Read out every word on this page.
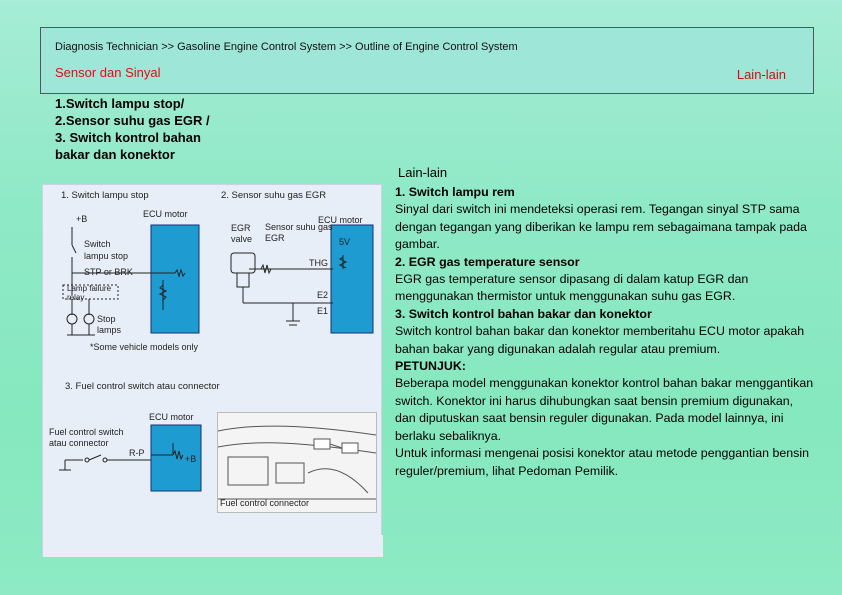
Diagnosis Technician >> Gasoline Engine Control System >> Outline of Engine Control System
Sensor dan Sinyal	Lain-lain
1.Switch lampu stop/
2.Sensor suhu gas EGR /
3. Switch kontrol bahan
bakar dan konektor
Lain-lain
1. Switch lampu stop	2. Sensor suhu gas EGR
+B	ECU motor
Switch
lampu stop
STP or BRK
Lamp failure
relay
Stop
lamps
*Some vehicle models only
EGR
valve
Sensor suhu gas
EGR
ECU motor
5V
THG
E2
E1
3. Fuel control switch atau connector
ECU motor
Fuel control switch
atau connector
R-P
+B
Fuel control connector

1. Switch lampu rem

Sinyal dari switch ini mendeteksi operasi rem. Tegangan sinyal STP sama dengan tegangan yang diberikan ke lampu rem sebagaimana tampak pada gambar.

2. EGR gas temperature sensor

EGR gas temperature sensor dipasang di dalam katup EGR dan menggunakan thermistor untuk menggunakan suhu gas EGR.

3. Switch kontrol bahan bakar dan konektor

Switch kontrol bahan bakar dan konektor memberitahu ECU motor apakah bahan bakar yang digunakan adalah regular atau premium.

PETUNJUK:

Beberapa model menggunakan konektor kontrol bahan bakar menggantikan switch. Konektor ini harus dihubungkan saat bensin premium digunakan, dan diputuskan saat bensin reguler digunakan. Pada model lainnya, ini berlaku sebaliknya.

Untuk informasi mengenai posisi konektor atau metode penggantian bensin reguler/premium, lihat Pedoman Pemilik.
